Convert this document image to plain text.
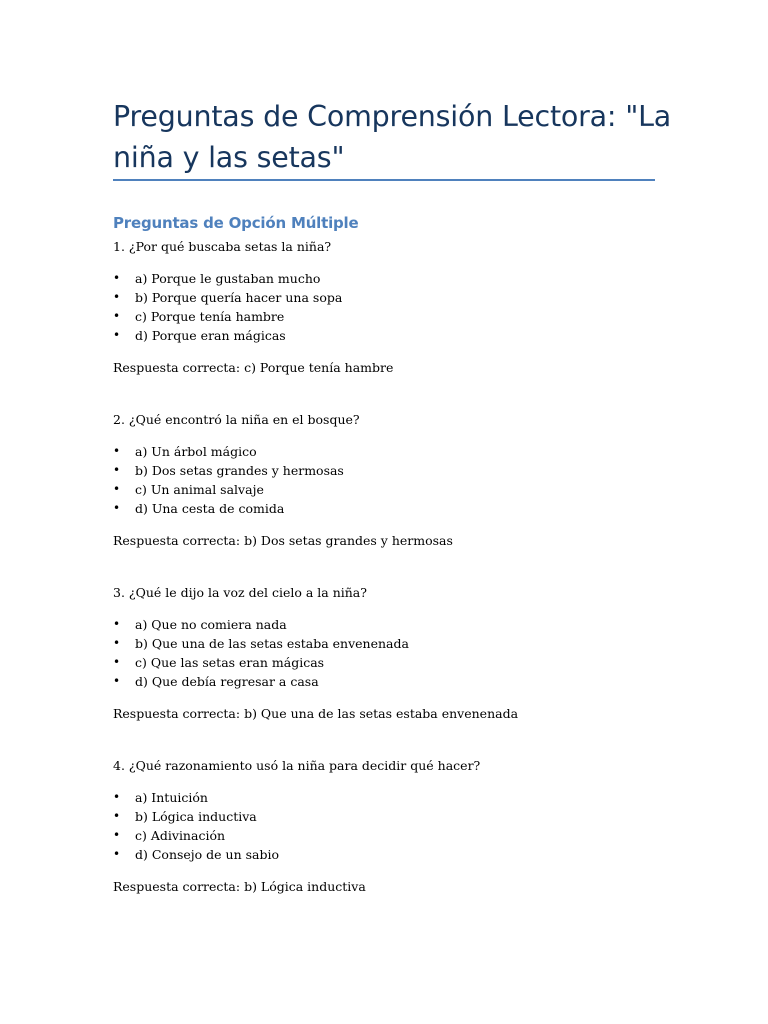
Preguntas de Comprensión Lectora: "La niña y las setas"
Preguntas de Opción Múltiple

1. ¿Por qué buscaba setas la niña?

•	a) Porque le gustaban mucho
•	b) Porque quería hacer una sopa
•	c) Porque tenía hambre
•	d) Porque eran mágicas

Respuesta correcta: c) Porque tenía hambre

2. ¿Qué encontró la niña en el bosque?

•	a) Un árbol mágico
•	b) Dos setas grandes y hermosas
•	c) Un animal salvaje
•	d) Una cesta de comida

Respuesta correcta: b) Dos setas grandes y hermosas

3. ¿Qué le dijo la voz del cielo a la niña?

•	a) Que no comiera nada
•	b) Que una de las setas estaba envenenada
•	c) Que las setas eran mágicas
•	d) Que debía regresar a casa

Respuesta correcta: b) Que una de las setas estaba envenenada

4. ¿Qué razonamiento usó la niña para decidir qué hacer?

•	a) Intuición
•	b) Lógica inductiva
•	c) Adivinación
•	d) Consejo de un sabio

Respuesta correcta: b) Lógica inductiva
